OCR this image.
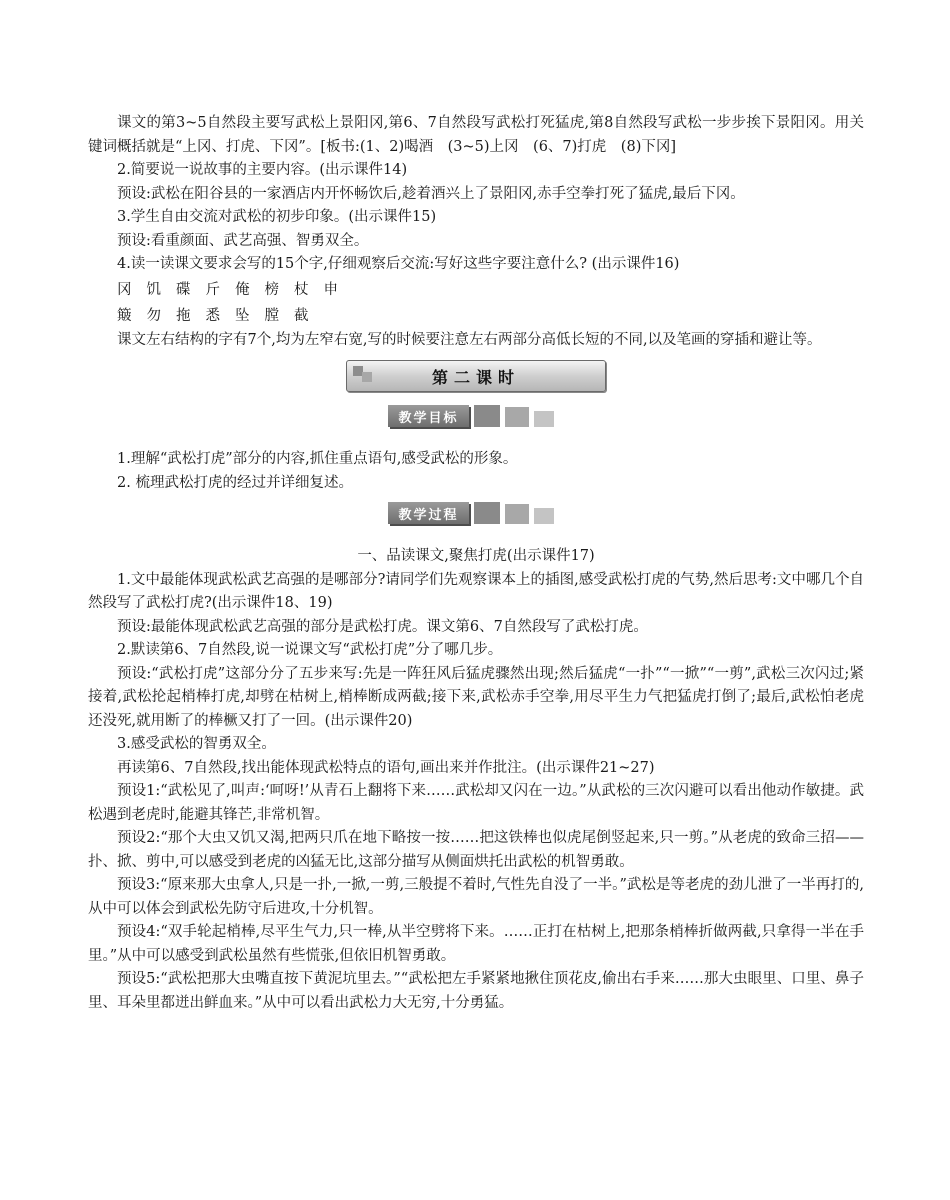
课文的第3~5自然段主要写武松上景阳冈,第6、7自然段写武松打死猛虎,第8自然段写武松一步步挨下景阳冈。用关键词概括就是“上冈、打虎、下冈”。[板书:(1、2)喝酒　(3~5)上冈　(6、7)打虎　(8)下冈]

2.简要说一说故事的主要内容。(出示课件14)

预设:武松在阳谷县的一家酒店内开怀畅饮后,趁着酒兴上了景阳冈,赤手空拳打死了猛虎,最后下冈。

3.学生自由交流对武松的初步印象。(出示课件15)

预设:看重颜面、武艺高强、智勇双全。

4.读一读课文要求会写的15个字,仔细观察后交流:写好这些字要注意什么? (出示课件16)

冈 饥 碟 斤 俺 榜 杖 申
簸 勿 拖 悉 坠 膛 截

课文左右结构的字有7个,均为左窄右宽,写的时候要注意左右两部分高低长短的不同,以及笔画的穿插和避让等。

第二课时
教学目标

1.理解“武松打虎”部分的内容,抓住重点语句,感受武松的形象。

2. 梳理武松打虎的经过并详细复述。

教学过程

一、品读课文,聚焦打虎(出示课件17)

1.文中最能体现武松武艺高强的是哪部分?请同学们先观察课本上的插图,感受武松打虎的气势,然后思考:文中哪几个自然段写了武松打虎?(出示课件18、19)

预设:最能体现武松武艺高强的部分是武松打虎。课文第6、7自然段写了武松打虎。

2.默读第6、7自然段,说一说课文写“武松打虎”分了哪几步。

预设:“武松打虎”这部分分了五步来写:先是一阵狂风后猛虎骤然出现;然后猛虎“一扑”“一掀”“一剪”,武松三次闪过;紧接着,武松抡起梢棒打虎,却劈在枯树上,梢棒断成两截;接下来,武松赤手空拳,用尽平生力气把猛虎打倒了;最后,武松怕老虎还没死,就用断了的棒橛又打了一回。(出示课件20)

3.感受武松的智勇双全。

再读第6、7自然段,找出能体现武松特点的语句,画出来并作批注。(出示课件21~27)

预设1:“武松见了,叫声:‘呵呀!’从青石上翻将下来……武松却又闪在一边。”从武松的三次闪避可以看出他动作敏捷。武松遇到老虎时,能避其锋芒,非常机智。

预设2:“那个大虫又饥又渴,把两只爪在地下略按一按……把这铁棒也似虎尾倒竖起来,只一剪。”从老虎的致命三招——扑、掀、剪中,可以感受到老虎的凶猛无比,这部分描写从侧面烘托出武松的机智勇敢。

预设3:“原来那大虫拿人,只是一扑,一掀,一剪,三般提不着时,气性先自没了一半。”武松是等老虎的劲儿泄了一半再打的,从中可以体会到武松先防守后进攻,十分机智。

预设4:“双手轮起梢棒,尽平生气力,只一棒,从半空劈将下来。……正打在枯树上,把那条梢棒折做两截,只拿得一半在手里。”从中可以感受到武松虽然有些慌张,但依旧机智勇敢。

预设5:“武松把那大虫嘴直按下黄泥坑里去。”“武松把左手紧紧地揪住顶花皮,偷出右手来……那大虫眼里、口里、鼻子里、耳朵里都迸出鲜血来。”从中可以看出武松力大无穷,十分勇猛。
